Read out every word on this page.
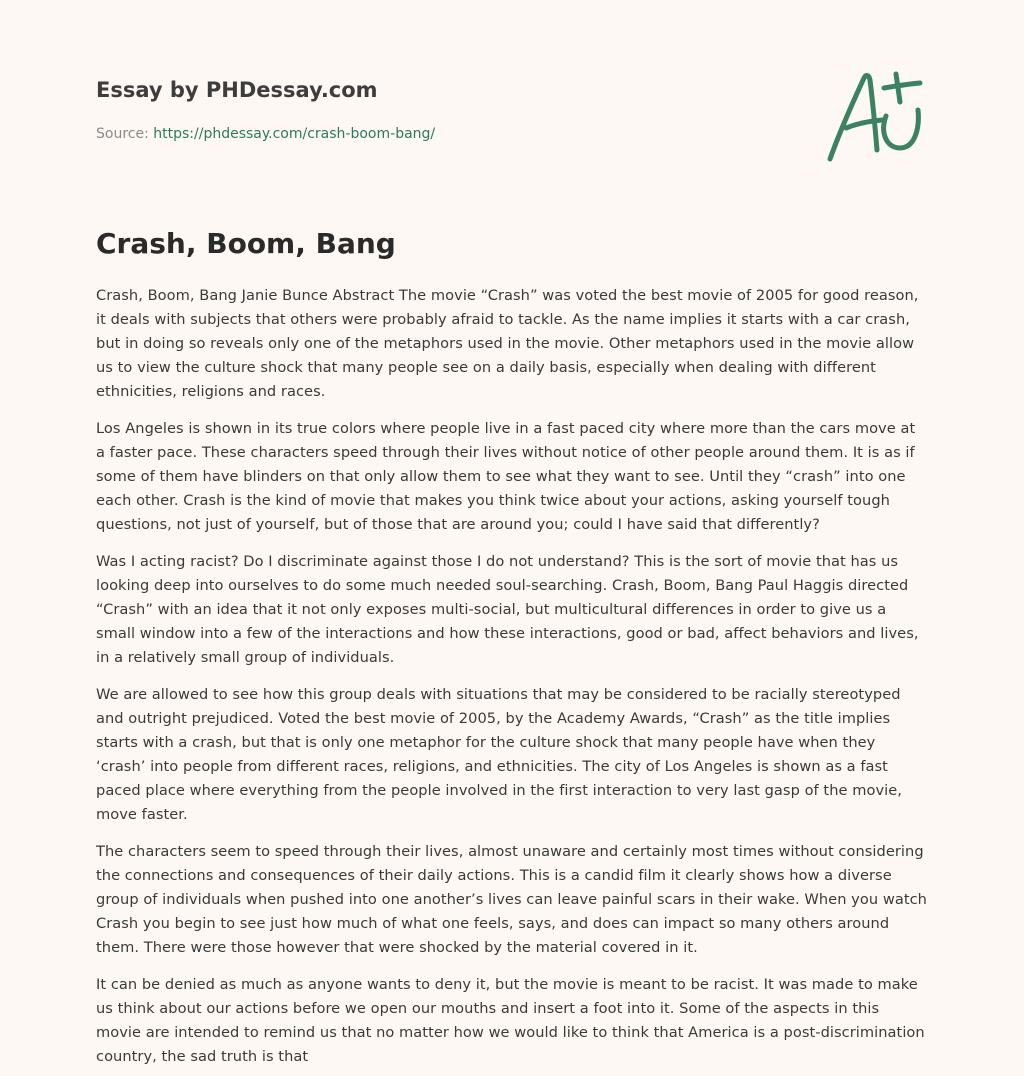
Essay by PHDessay.com
Source: https://phdessay.com/crash-boom-bang/
Crash, Boom, Bang

Crash, Boom, Bang Janie Bunce Abstract The movie “Crash” was voted the best movie of 2005 for good reason, it deals with subjects that others were probably afraid to tackle. As the name implies it starts with a car crash, but in doing so reveals only one of the metaphors used in the movie. Other metaphors used in the movie allow us to view the culture shock that many people see on a daily basis, especially when dealing with different ethnicities, religions and races.

Los Angeles is shown in its true colors where people live in a fast paced city where more than the cars move at a faster pace. These characters speed through their lives without notice of other people around them. It is as if some of them have blinders on that only allow them to see what they want to see. Until they “crash” into one each other. Crash is the kind of movie that makes you think twice about your actions, asking yourself tough questions, not just of yourself, but of those that are around you; could I have said that differently?

Was I acting racist? Do I discriminate against those I do not understand? This is the sort of movie that has us looking deep into ourselves to do some much needed soul-searching. Crash, Boom, Bang Paul Haggis directed “Crash” with an idea that it not only exposes multi-social, but multicultural differences in order to give us a small window into a few of the interactions and how these interactions, good or bad, affect behaviors and lives, in a relatively small group of individuals.

We are allowed to see how this group deals with situations that may be considered to be racially stereotyped and outright prejudiced. Voted the best movie of 2005, by the Academy Awards, “Crash” as the title implies starts with a crash, but that is only one metaphor for the culture shock that many people have when they ‘crash’ into people from different races, religions, and ethnicities. The city of Los Angeles is shown as a fast paced place where everything from the people involved in the first interaction to very last gasp of the movie, move faster.

The characters seem to speed through their lives, almost unaware and certainly most times without considering the connections and consequences of their daily actions. This is a candid film it clearly shows how a diverse group of individuals when pushed into one another’s lives can leave painful scars in their wake. When you watch Crash you begin to see just how much of what one feels, says, and does can impact so many others around them. There were those however that were shocked by the material covered in it.

It can be denied as much as anyone wants to deny it, but the movie is meant to be racist. It was made to make us think about our actions before we open our mouths and insert a foot into it. Some of the aspects in this movie are intended to remind us that no matter how we would like to think that America is a post-discrimination country, the sad truth is that
